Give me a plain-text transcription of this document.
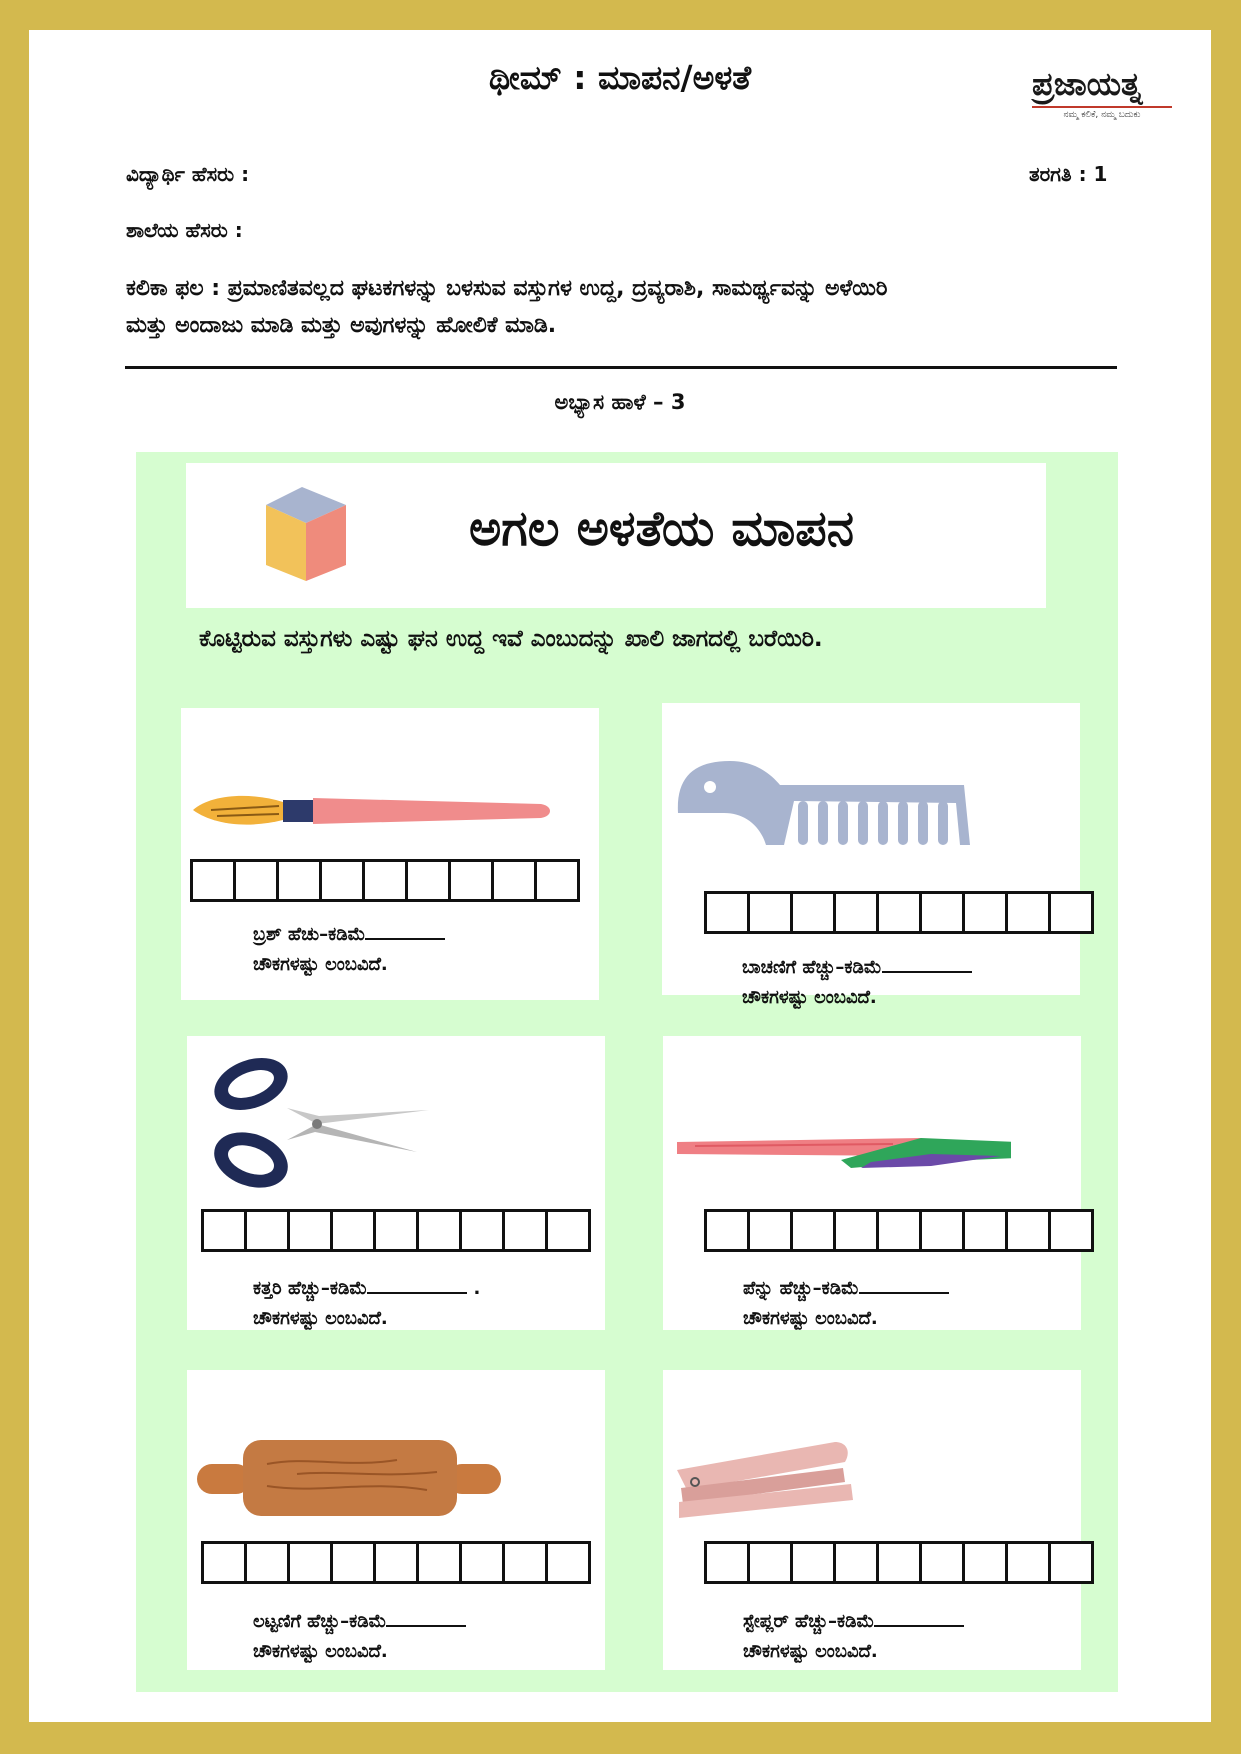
ಥೀಮ್ : ಮಾಪನ/ಅಳತೆ	ಪ್ರಜಾಯತ್ನ
ನಮ್ಮ ಕಲಿಕೆ, ನಮ್ಮ ಬದುಕು
ವಿದ್ಯಾರ್ಥಿ ಹೆಸರು :	ತರಗತಿ : 1
ಶಾಲೆಯ ಹೆಸರು :
ಕಲಿಕಾ ಫಲ : ಪ್ರಮಾಣಿತವಲ್ಲದ ಘಟಕಗಳನ್ನು ಬಳಸುವ ವಸ್ತುಗಳ ಉದ್ದ, ದ್ರವ್ಯರಾಶಿ, ಸಾಮರ್ಥ್ಯವನ್ನು ಅಳೆಯಿರಿ
ಮತ್ತು ಅಂದಾಜು ಮಾಡಿ ಮತ್ತು ಅವುಗಳನ್ನು ಹೋಲಿಕೆ ಮಾಡಿ.
ಅಭ್ಯಾಸ ಹಾಳೆ – 3
ಅಗಲ ಅಳತೆಯ ಮಾಪನ
ಕೊಟ್ಟಿರುವ ವಸ್ತುಗಳು ಎಷ್ಟು ಘನ ಉದ್ದ ಇವೆ ಎಂಬುದನ್ನು ಖಾಲಿ ಜಾಗದಲ್ಲಿ ಬರೆಯಿರಿ.
ಬ್ರಶ್ ಹೆಚು–ಕಡಿಮೆ
ಚೌಕಗಳಷ್ಟು ಲಂಬವಿದೆ.	ಬಾಚಣಿಗೆ ಹೆಚ್ಚು–ಕಡಿಮೆ
ಚೌಕಗಳಷ್ಟು ಲಂಬವಿದೆ.
ಕತ್ತರಿ ಹೆಚ್ಚು–ಕಡಿಮೆ	.
ಚೌಕಗಳಷ್ಟು ಲಂಬವಿದೆ.
ಪೆನ್ನು ಹೆಚ್ಚು–ಕಡಿಮೆ
ಚೌಕಗಳಷ್ಟು ಲಂಬವಿದೆ.
ಲಟ್ಟಣಿಗೆ ಹೆಚ್ಚು–ಕಡಿಮೆ
ಚೌಕಗಳಷ್ಟು ಲಂಬವಿದೆ.
ಸ್ಟೇಪ್ಲರ್ ಹೆಚ್ಚು–ಕಡಿಮೆ
ಚೌಕಗಳಷ್ಟು ಲಂಬವಿದೆ.
